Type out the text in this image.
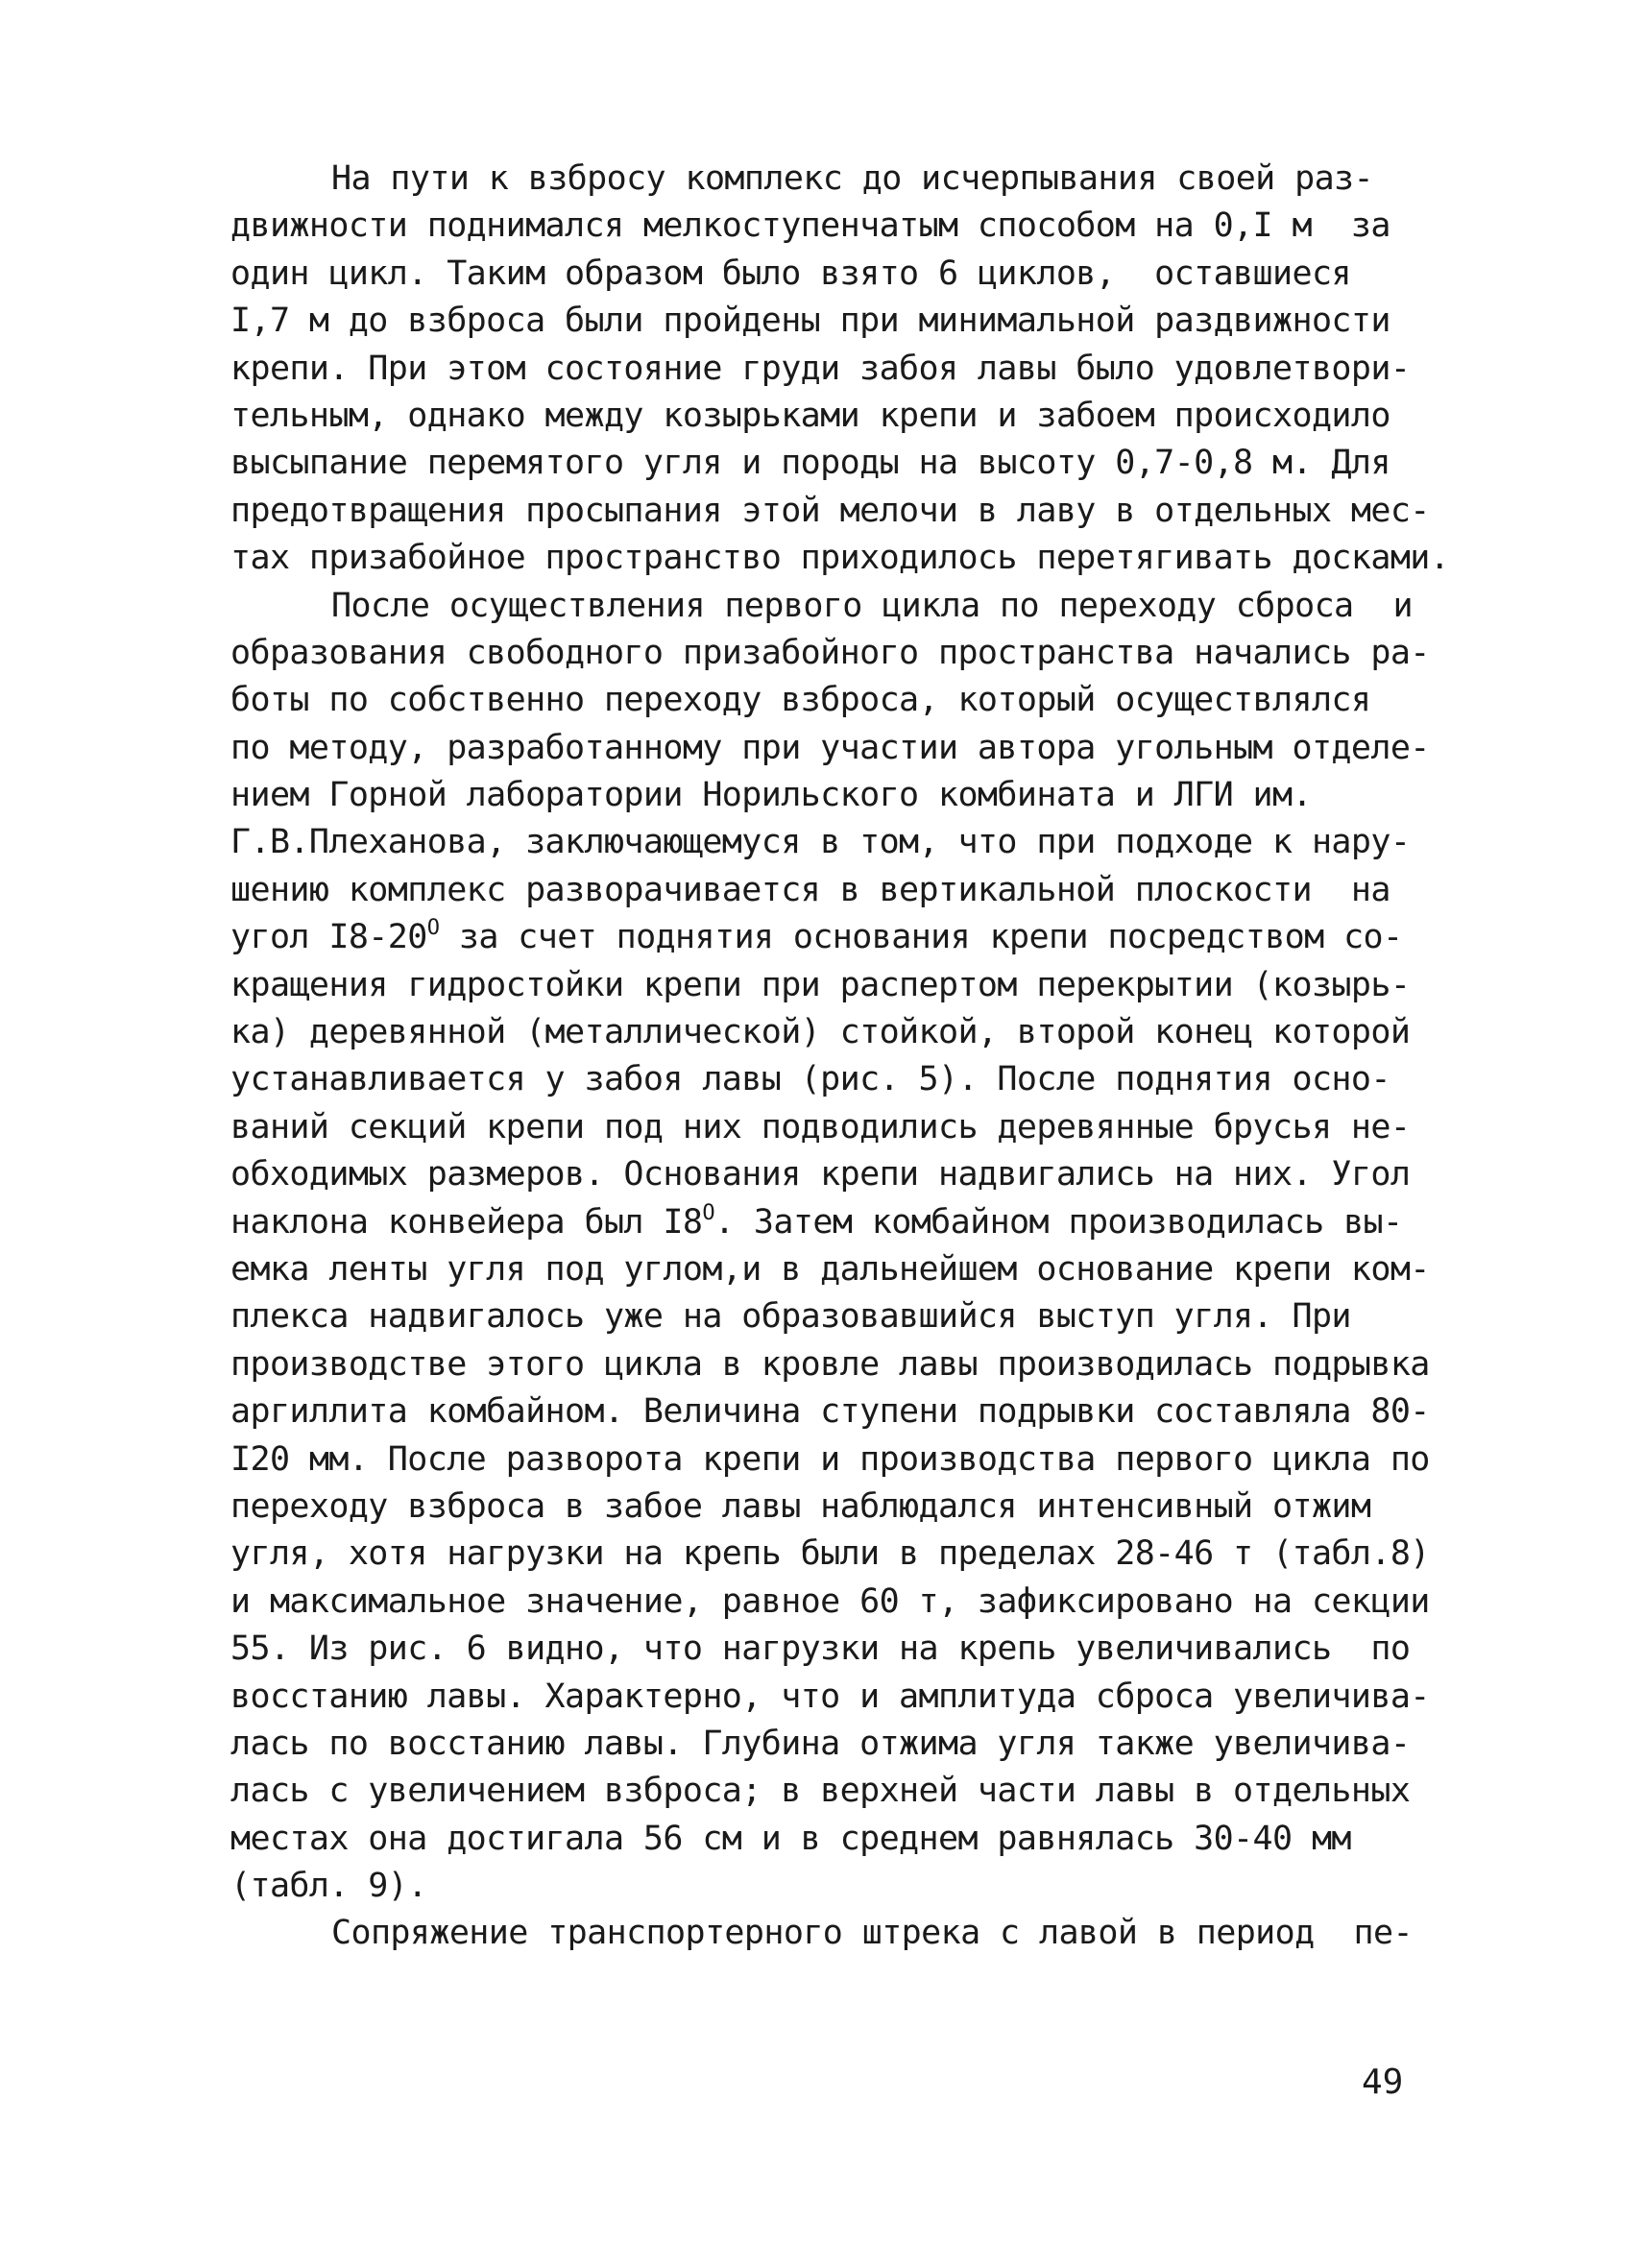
На пути к взбросу комплекс до исчерпывания своей раз-
движности поднимался мелкоступенчатым способом на 0,I м  за
один цикл. Таким образом было взято 6 циклов,  оставшиеся
I,7 м до взброса были пройдены при минимальной раздвижности
крепи. При этом состояние груди забоя лавы было удовлетвори-
тельным, однако между козырьками крепи и забоем происходило
высыпание перемятого угля и породы на высоту 0,7-0,8 м. Для
предотвращения просыпания этой мелочи в лаву в отдельных мес-
тах призабойное пространство приходилось перетягивать досками.
После осуществления первого цикла по переходу сброса  и
образования свободного призабойного пространства начались ра-
боты по собственно переходу взброса, который осуществлялся
по методу, разработанному при участии автора угольным отделе-
нием Горной лаборатории Норильского комбината и ЛГИ им.
Г.В.Плеханова, заключающемуся в том, что при подходе к нару-
шению комплекс разворачивается в вертикальной плоскости  на
угол $I8-20^О$ за счет поднятия основания крепи посредством со-
кращения гидростойки крепи при распертом перекрытии (козырь-
ка) деревянной (металлической) стойкой, второй конец которой
устанавливается у забоя лавы (рис. 5). После поднятия осно-
ваний секций крепи под них подводились деревянные брусья не-
обходимых размеров. Основания крепи надвигались на них. Угол
наклона конвейера был $I8^О$. Затем комбайном производилась вы-
емка ленты угля под углом,и в дальнейшем основание крепи ком-
плекса надвигалось уже на образовавшийся выступ угля. При
производстве этого цикла в кровле лавы производилась подрывка
аргиллита комбайном. Величина ступени подрывки составляла 80-
I20 мм. После разворота крепи и производства первого цикла по
переходу взброса в забое лавы наблюдался интенсивный отжим
угля, хотя нагрузки на крепь были в пределах 28-46 т (табл.8)
и максимальное значение, равное 60 т, зафиксировано на секции
55. Из рис. 6 видно, что нагрузки на крепь увеличивались  по
восстанию лавы. Характерно, что и амплитуда сброса увеличива-
лась по восстанию лавы. Глубина отжима угля также увеличива-
лась с увеличением взброса; в верхней части лавы в отдельных
местах она достигала 56 см и в среднем равнялась 30-40 мм
(табл. 9).
Сопряжение транспортерного штрека с лавой в период  пе-
49
